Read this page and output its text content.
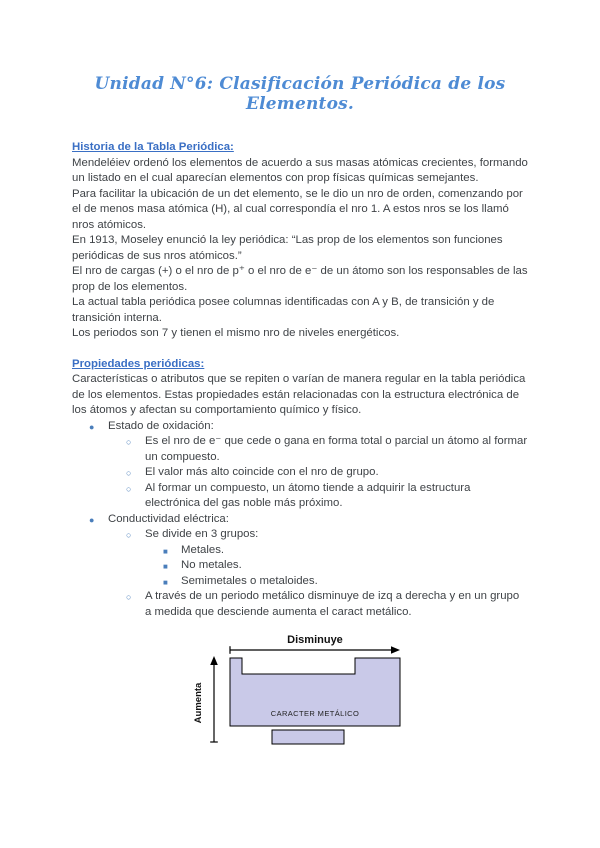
Unidad N°6: Clasificación Periódica de los Elementos.
Historia de la Tabla Periódica:

Mendeléiev ordenó los elementos de acuerdo a sus masas atómicas crecientes, formando un listado en el cual aparecían elementos con prop físicas químicas semejantes.

Para facilitar la ubicación de un det elemento, se le dio un nro de orden, comenzando por el de menos masa atómica (H), al cual correspondía el nro 1. A estos nros se los llamó nros atómicos.

En 1913, Moseley enunció la ley periódica: “Las prop de los elementos son funciones periódicas de sus nros atómicos.”

El nro de cargas (+) o el nro de p⁺ o el nro de e⁻ de un átomo son los responsables de las prop de los elementos.

La actual tabla periódica posee columnas identificadas con A y B, de transición y de transición interna.

Los periodos son 7 y tienen el mismo nro de niveles energéticos.

Propiedades periódicas:

Características o atributos que se repiten o varían de manera regular en la tabla periódica de los elementos. Estas propiedades están relacionadas con la estructura electrónica de los átomos y afectan su comportamiento químico y físico.

● Estado de oxidación:
○ Es el nro de e⁻ que cede o gana en forma total o parcial un átomo al formar un compuesto.
○ El valor más alto coincide con el nro de grupo.
○ Al formar un compuesto, un átomo tiende a adquirir la estructura electrónica del gas noble más próximo.
● Conductividad eléctrica:
○ Se divide en 3 grupos:
■ Metales.
■ No metales.
■ Semimetales o metaloides.
○ A través de un periodo metálico disminuye de izq a derecha y en un grupo a medida que desciende aumenta el caract metálico.
Disminuye
Aumenta	CARACTER METÁLICO
